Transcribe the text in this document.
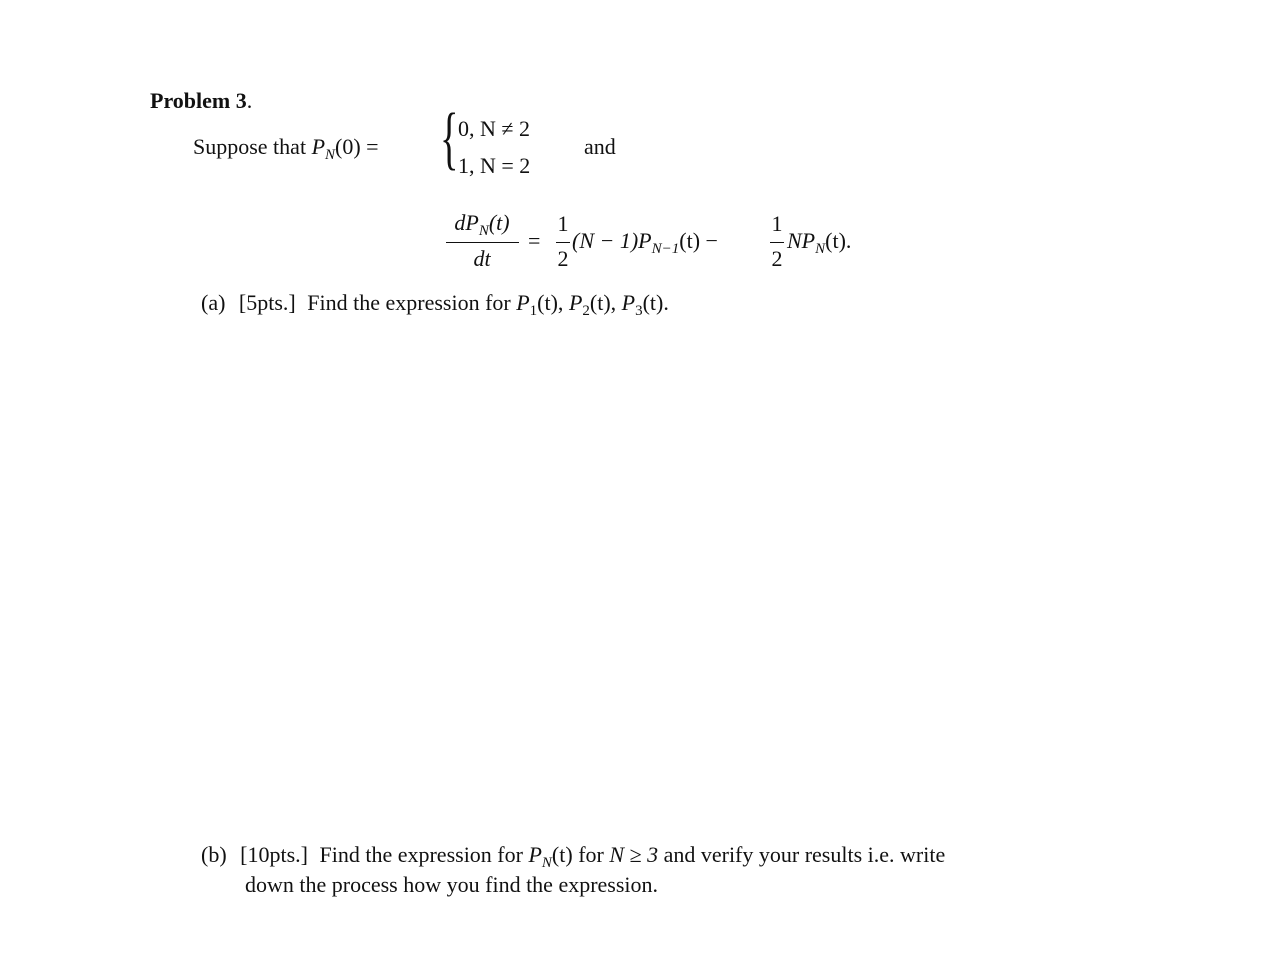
Problem 3.
Suppose that $P_N(0)$ = { 0, N ≠ 2
1, N = 2
and
$dP_N(t)$
dt
=
1
2
$(N - 1)P_{N-1}(t)$ −
1
2
$NP_N(t)$.
(a) [5pts.] Find the expression for $P_1(t)$, $P_2(t)$, $P_3(t)$.
(b) [10pts.] Find the expression for $P_N(t)$ for N ≥ 3 and verify your results i.e. write
down the process how you find the expression.
